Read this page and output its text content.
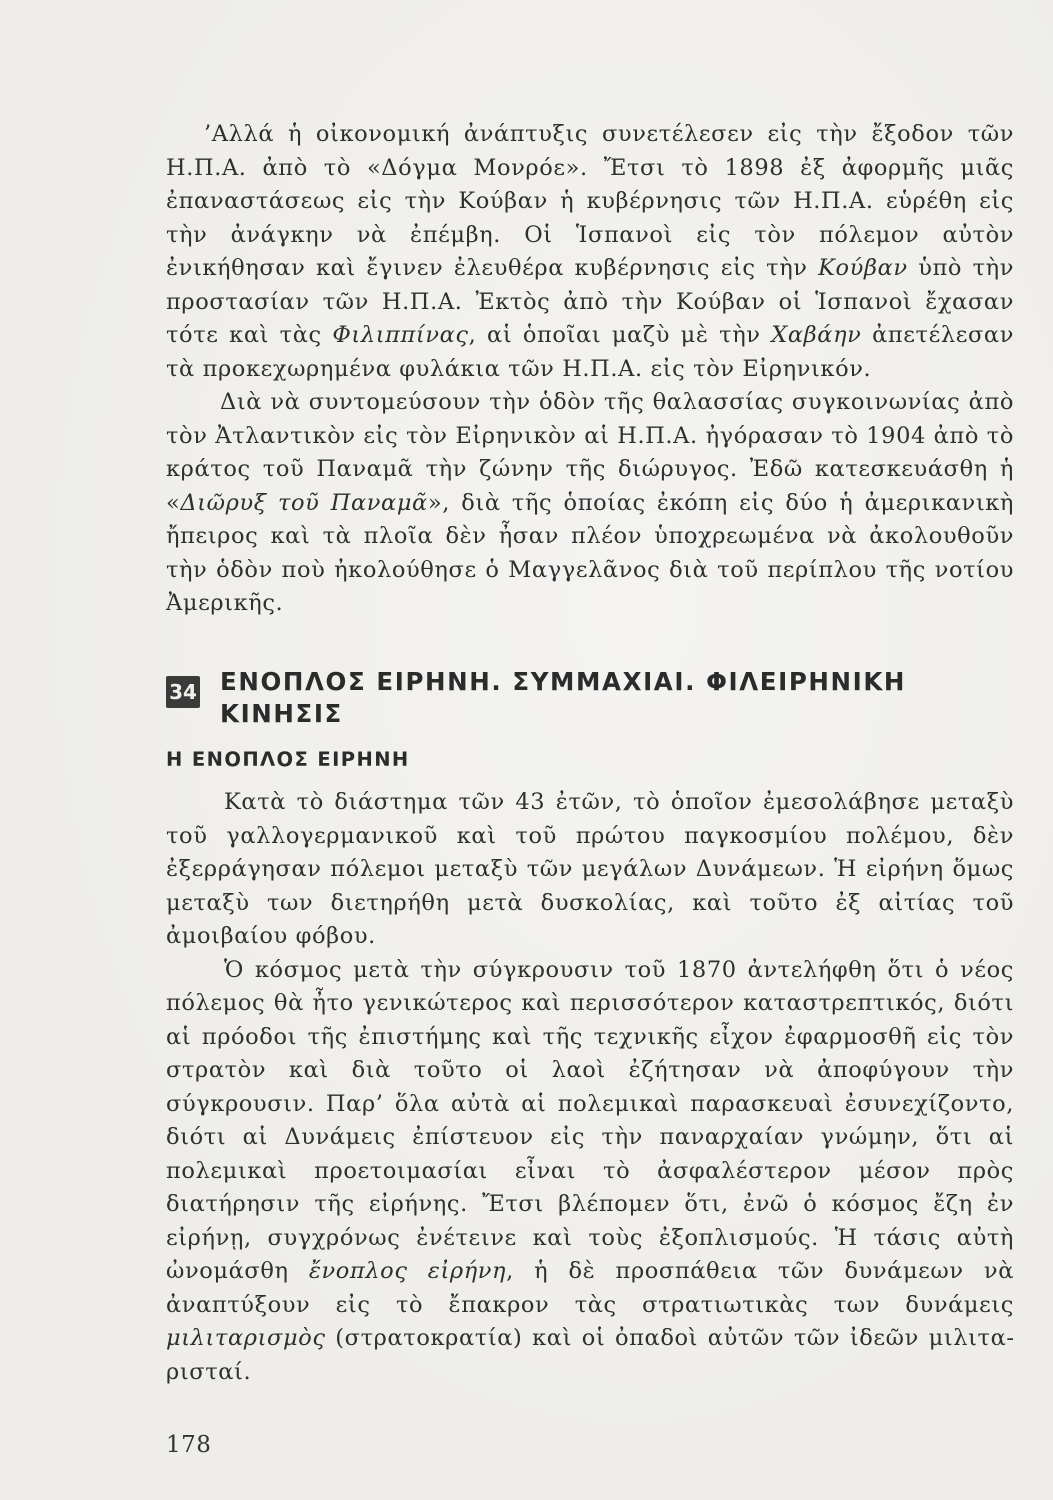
’Αλλά ἡ οἰκονομική ἀνάπτυξις συνετέλεσεν εἰς τὴν ἔξοδον τῶν Η.Π.Α. ἀπὸ τὸ «Δόγμα Μονρόε». Ἔτσι τὸ 1898 ἐξ ἀφορμῆς μιᾶς ἐπαναστάσεως εἰς τὴν Κούβαν ἡ κυβέρνησις τῶν Η.Π.Α. εὑρέθη εἰς τὴν ἀνάγκην νὰ ἐπέμβη. Οἱ Ἱσπανοὶ εἰς τὸν πόλεμον αὐτὸν ἐνικήθησαν καὶ ἔγινεν ἐλευθέρα κυβέρνησις εἰς τὴν Κούβαν ὑπὸ τὴν προστασίαν τῶν Η.Π.Α. Ἐκτὸς ἀπὸ τὴν Κούβαν οἱ Ἱσπανοὶ ἔχασαν τότε καὶ τὰς Φιλιππίνας, αἱ ὁποῖαι μαζὺ μὲ τὴν Χαβάην ἀπετέλεσαν τὰ προκεχωρημένα φυλάκια τῶν Η.Π.Α. εἰς τὸν Εἰρηνικόν.

Διὰ νὰ συντομεύσουν τὴν ὁδὸν τῆς θαλασσίας συγκοινωνίας ἀπὸ τὸν Ἀτλαντικὸν εἰς τὸν Εἰρηνικὸν αἱ Η.Π.Α. ἠγόρασαν τὸ 1904 ἀπὸ τὸ κράτος τοῦ Παναμᾶ τὴν ζώνην τῆς διώρυγος. Ἐδῶ κατεσκευάσθη ἡ «Διῶρυξ τοῦ Παναμᾶ», διὰ τῆς ὁποίας ἐκόπη εἰς δύο ἡ ἀμερικανικὴ ἤπειρος καὶ τὰ πλοῖα δὲν ἦσαν πλέον ὑποχρεωμένα νὰ ἀκολουθοῦν τὴν ὁδὸν ποὺ ἠκολούθησε ὁ Μαγγελᾶνος διὰ τοῦ περίπλου τῆς νοτίου Ἀμερικῆς.

34 ΕΝΟΠΛΟΣ ΕΙΡΗΝΗ. ΣΥΜΜΑΧΙΑΙ. ΦΙΛΕΙΡΗΝΙΚΗ ΚΙΝΗΣΙΣ
Η ΕΝΟΠΛΟΣ ΕΙΡΗΝΗ

Κατὰ τὸ διάστημα τῶν 43 ἐτῶν, τὸ ὁποῖον ἐμεσολάβησε μεταξὺ τοῦ γαλλογερμανικοῦ καὶ τοῦ πρώτου παγκοσμίου πολέμου, δὲν ἐξερράγησαν πόλεμοι μεταξὺ τῶν μεγάλων Δυνάμεων. Ἡ εἰρήνη ὅμως μεταξὺ των διετηρήθη μετὰ δυσκολίας, καὶ τοῦτο ἐξ αἰτίας τοῦ ἀμοιβαίου φόβου.

Ὁ κόσμος μετὰ τὴν σύγκρουσιν τοῦ 1870 ἀντελήφθη ὅτι ὁ νέος πόλεμος θὰ ἦτο γενικώτερος καὶ περισσότερον καταστρεπτικός, διότι αἱ πρόοδοι τῆς ἐπιστήμης καὶ τῆς τεχνικῆς εἶχον ἐφαρμοσθῆ εἰς τὸν στρατὸν καὶ διὰ τοῦτο οἱ λαοὶ ἐζήτησαν νὰ ἀποφύγουν τὴν σύγκρουσιν. Παρ’ ὅλα αὐτὰ αἱ πολεμικαὶ παρασκευαὶ ἐσυνεχίζοντο, διότι αἱ Δυνάμεις ἐπίστευον εἰς τὴν παναρχαίαν γνώμην, ὅτι αἱ πολεμικαὶ προετοιμασίαι εἶναι τὸ ἀσφαλέστερον μέσον πρὸς διατήρησιν τῆς εἰρήνης. Ἔτσι βλέπομεν ὅτι, ἐνῶ ὁ κόσμος ἔζη ἐν εἰρήνῃ, συγχρόνως ἐνέτεινε καὶ τοὺς ἐξοπλισμούς. Ἡ τάσις αὐτὴ ὠνομάσθη ἔνοπλος εἰρήνη, ἡ δὲ προσπάθεια τῶν δυνάμεων νὰ ἀναπτύξουν εἰς τὸ ἔπακρον τὰς στρατιωτικὰς των δυνάμεις μιλιταρισμὸς (στρατοκρατία) καὶ οἱ ὀπαδοὶ αὐτῶν τῶν ἰδεῶν μιλιταρισταί.

178
